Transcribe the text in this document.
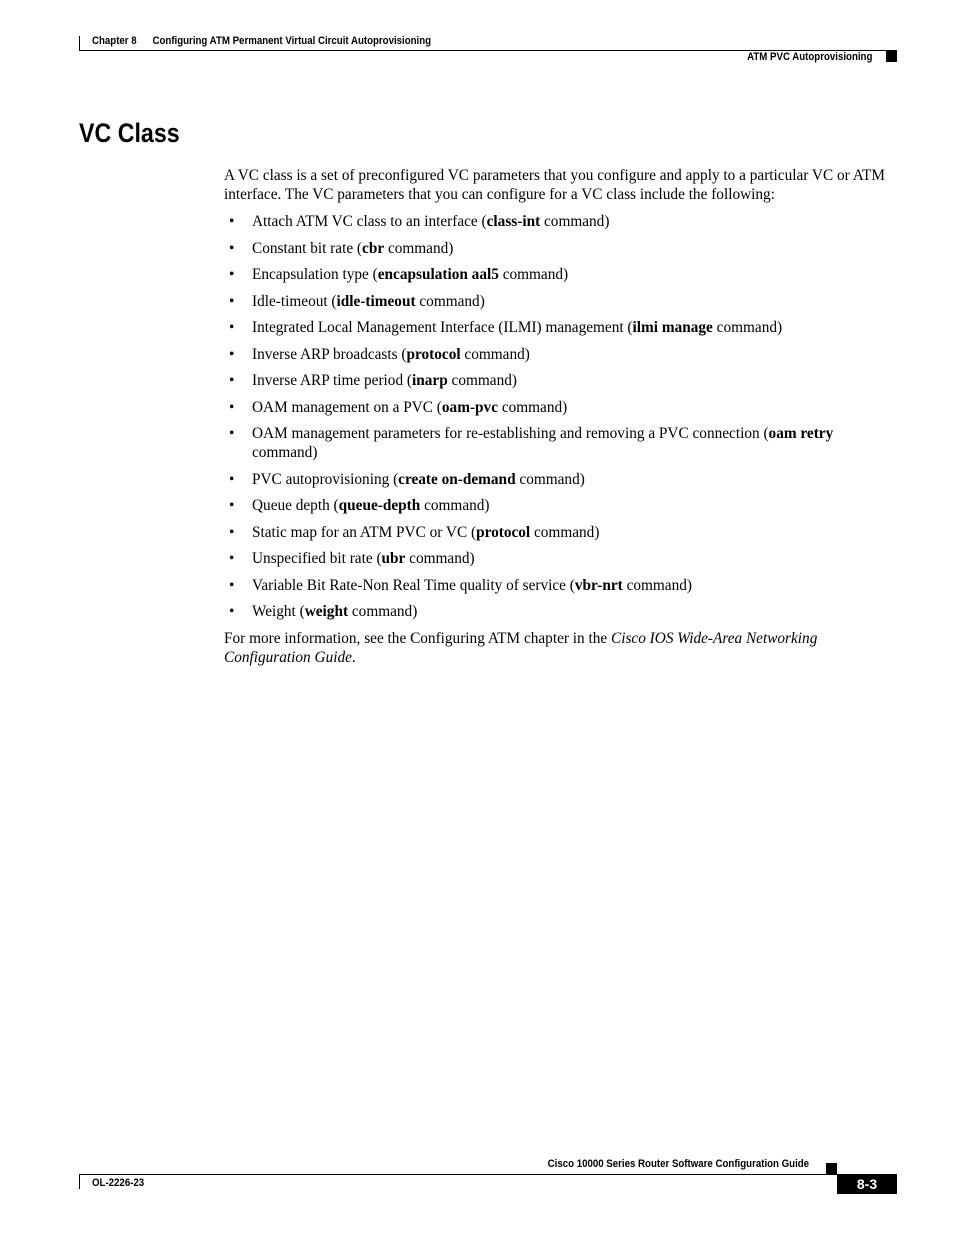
Chapter 8 Configuring ATM Permanent Virtual Circuit Autoprovisioning
ATM PVC Autoprovisioning
VC Class

A VC class is a set of preconfigured VC parameters that you configure and apply to a particular VC or ATM interface. The VC parameters that you can configure for a VC class include the following:

• Attach ATM VC class to an interface (class-int command)
• Constant bit rate (cbr command)
• Encapsulation type (encapsulation aal5 command)
• Idle-timeout (idle-timeout command)
• Integrated Local Management Interface (ILMI) management (ilmi manage command)
• Inverse ARP broadcasts (protocol command)
• Inverse ARP time period (inarp command)
• OAM management on a PVC (oam-pvc command)
• OAM management parameters for re-establishing and removing a PVC connection (oam retry command)
• PVC autoprovisioning (create on-demand command)
• Queue depth (queue-depth command)
• Static map for an ATM PVC or VC (protocol command)
• Unspecified bit rate (ubr command)
• Variable Bit Rate-Non Real Time quality of service (vbr-nrt command)
• Weight (weight command)

For more information, see the Configuring ATM chapter in the Cisco IOS Wide-Area Networking Configuration Guide.

Cisco 10000 Series Router Software Configuration Guide
OL-2226-23	8-3
